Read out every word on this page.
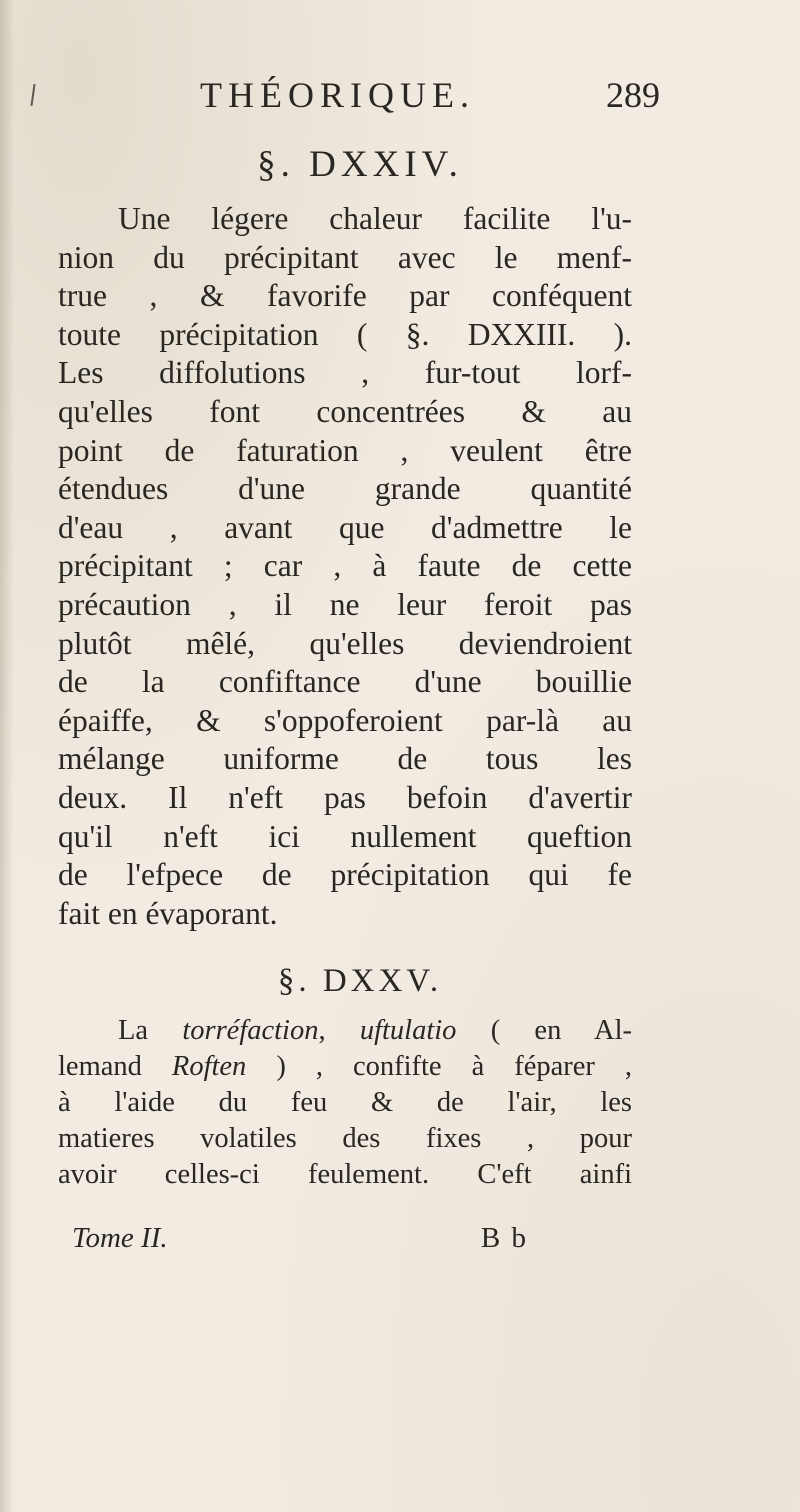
THÉORIQUE.	289
§. DXXIV.
Une légere chaleur facilite l'u-
nion du précipitant avec le menf-
true , & favorife par conféquent
toute précipitation ( §. DXXIII. ).
Les diffolutions , fur-tout lorf-
qu'elles font concentrées & au
point de faturation , veulent être
étendues d'une grande quantité
d'eau , avant que d'admettre le
précipitant ; car , à faute de cette
précaution , il ne leur feroit pas
plutôt mêlé, qu'elles deviendroient
de la confiftance d'une bouillie
épaiffe, & s'oppoferoient par-là au
mélange uniforme de tous les
deux. Il n'eft pas befoin d'avertir
qu'il n'eft ici nullement queftion
de l'efpece de précipitation qui fe
fait en évaporant.
§. DXXV.
La torréfaction, uftulatio ( en Al-
lemand Roften ) , confifte à féparer ,
à l'aide du feu & de l'air, les
matieres volatiles des fixes , pour
avoir celles-ci feulement. C'eft ainfi
Tome II.	B b
